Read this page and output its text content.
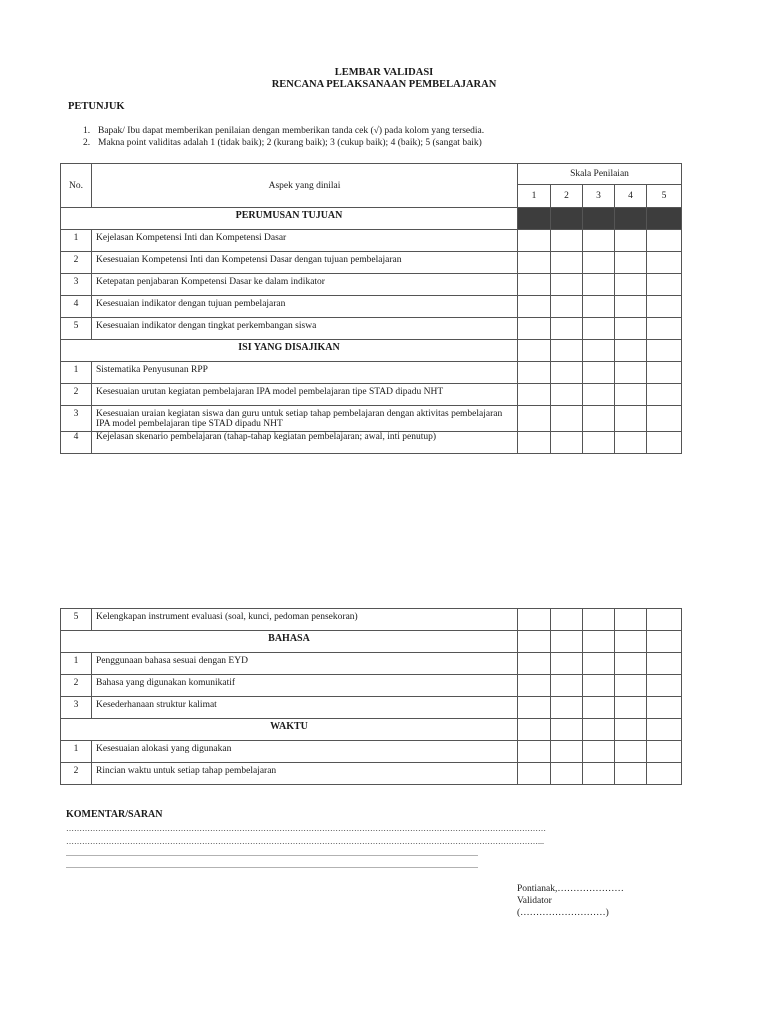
LEMBAR VALIDASI
RENCANA PELAKSANAAN PEMBELAJARAN
PETUNJUK
1. Bapak/ Ibu dapat memberikan penilaian dengan memberikan tanda cek (√) pada kolom yang tersedia.
2. Makna point validitas adalah 1 (tidak baik); 2 (kurang baik); 3 (cukup baik); 4 (baik); 5 (sangat baik)
No.	Aspek yang dinilai	Skala Penilaian				
		1	2	3	4	5
PERUMUSAN TUJUAN						
1	Kejelasan Kompetensi Inti dan Kompetensi Dasar					
2	Kesesuaian Kompetensi Inti dan Kompetensi Dasar dengan tujuan pembelajaran					
3	Ketepatan penjabaran Kompetensi Dasar ke dalam indikator					
4	Kesesuaian indikator dengan tujuan pembelajaran					
5	Kesesuaian indikator dengan tingkat perkembangan siswa					
ISI YANG DISAJIKAN						
1	Sistematika Penyusunan RPP					
2	Kesesuaian urutan kegiatan pembelajaran IPA model pembelajaran tipe STAD dipadu NHT					
3	Kesesuaian uraian kegiatan siswa dan guru untuk setiap tahap pembelajaran dengan aktivitas pembelajaran IPA model pembelajaran tipe STAD dipadu NHT					
4	Kejelasan skenario pembelajaran (tahap-tahap kegiatan pembelajaran; awal, inti penutup)					
5	Kelengkapan instrument evaluasi (soal, kunci, pedoman pensekoran)					
BAHASA						
1	Penggunaan bahasa sesuai dengan EYD					
2	Bahasa yang digunakan komunikatif					
3	Kesederhanaan struktur kalimat					
WAKTU						
1	Kesesuaian alokasi yang digunakan					
2	Rincian waktu untuk setiap tahap pembelajaran					
KOMENTAR/SARAN
………………………………………………………………………………………………………………………………………………………………
……………………………………………………………………………………………………………………………………………………………...
..............................................................................................................................................................................................................
..............................................................................................................................................................................................................
Pontianak,…………………
Validator
(………………………)
